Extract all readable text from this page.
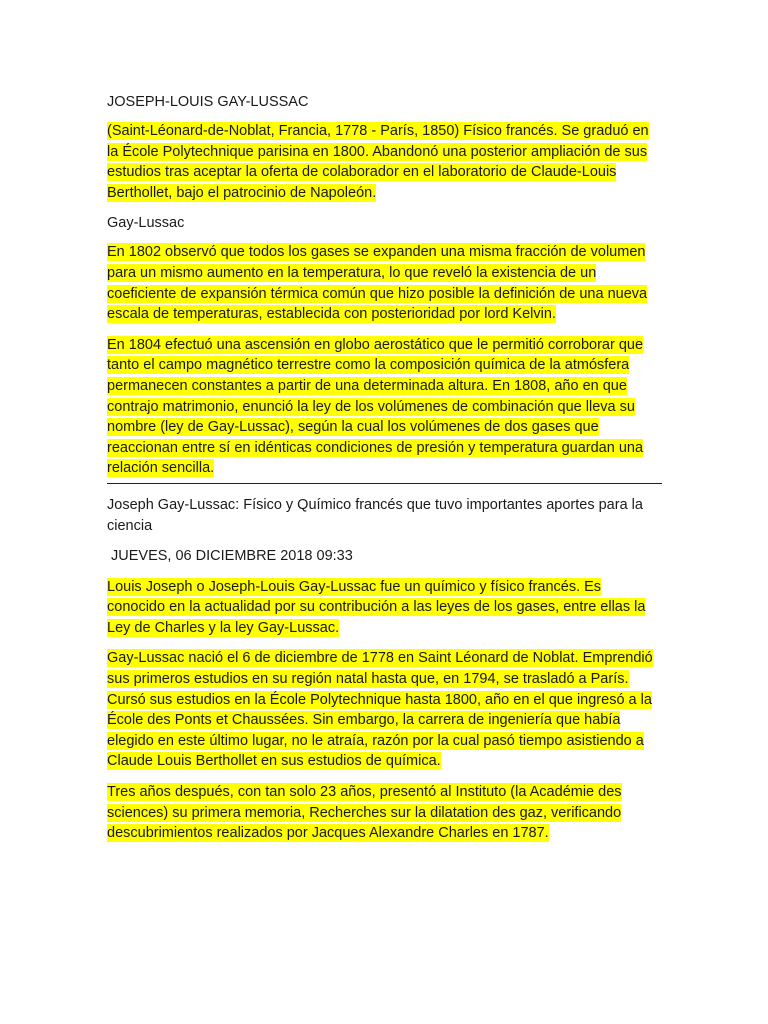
JOSEPH-LOUIS GAY-LUSSAC

(Saint-Léonard-de-Noblat, Francia, 1778 - París, 1850) Físico francés. Se graduó en la École Polytechnique parisina en 1800. Abandonó una posterior ampliación de sus estudios tras aceptar la oferta de colaborador en el laboratorio de Claude-Louis Berthollet, bajo el patrocinio de Napoleón.

Gay-Lussac

En 1802 observó que todos los gases se expanden una misma fracción de volumen para un mismo aumento en la temperatura, lo que reveló la existencia de un coeficiente de expansión térmica común que hizo posible la definición de una nueva escala de temperaturas, establecida con posterioridad por lord Kelvin.

En 1804 efectuó una ascensión en globo aerostático que le permitió corroborar que tanto el campo magnético terrestre como la composición química de la atmósfera permanecen constantes a partir de una determinada altura. En 1808, año en que contrajo matrimonio, enunció la ley de los volúmenes de combinación que lleva su nombre (ley de Gay-Lussac), según la cual los volúmenes de dos gases que reaccionan entre sí en idénticas condiciones de presión y temperatura guardan una relación sencilla.

Joseph Gay-Lussac: Físico y Químico francés que tuvo importantes aportes para la ciencia

JUEVES, 06 DICIEMBRE 2018 09:33

Louis Joseph o Joseph-Louis Gay-Lussac fue un químico y físico francés. Es conocido en la actualidad por su contribución a las leyes de los gases, entre ellas la Ley de Charles y la ley Gay-Lussac.

Gay-Lussac nació el 6 de diciembre de 1778 en Saint Léonard de Noblat. Emprendió sus primeros estudios en su región natal hasta que, en 1794, se trasladó a París. Cursó sus estudios en la École Polytechnique hasta 1800, año en el que ingresó a la École des Ponts et Chaussées. Sin embargo, la carrera de ingeniería que había elegido en este último lugar, no le atraía, razón por la cual pasó tiempo asistiendo a Claude Louis Berthollet en sus estudios de química.

Tres años después, con tan solo 23 años, presentó al Instituto (la Académie des sciences) su primera memoria, Recherches sur la dilatation des gaz, verificando descubrimientos realizados por Jacques Alexandre Charles en 1787.
